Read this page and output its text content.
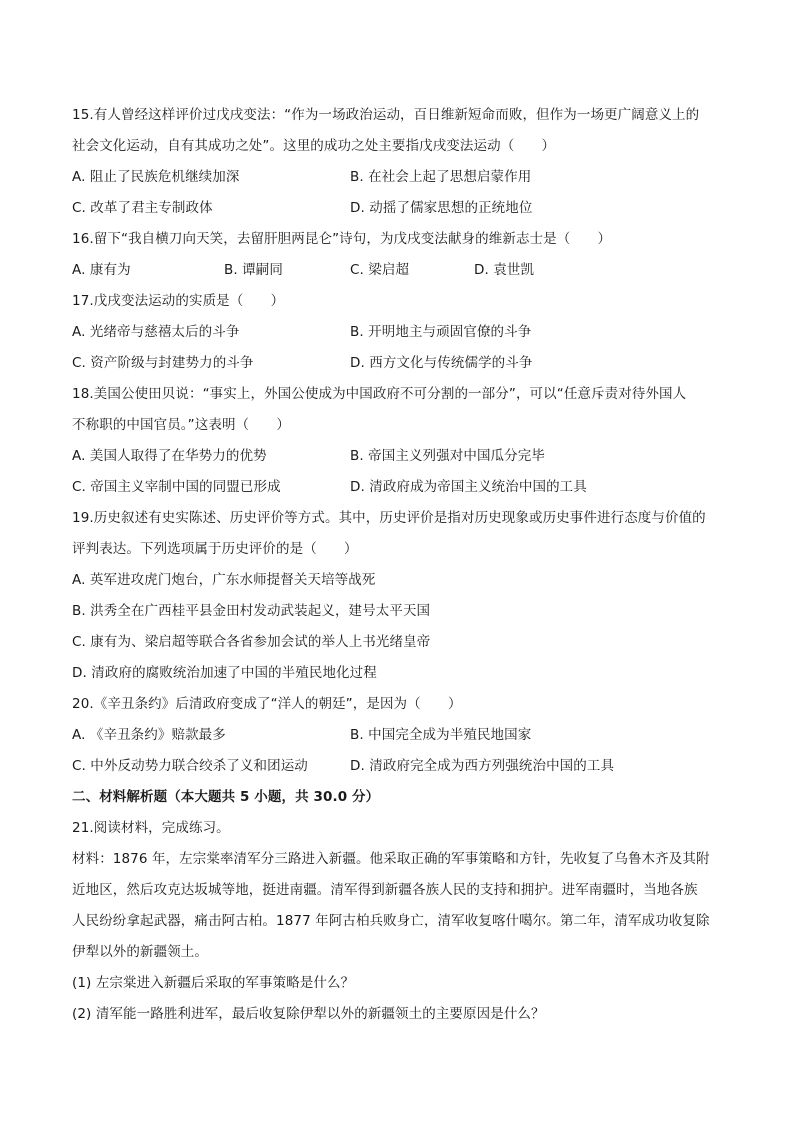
15.有人曾经这样评价过戊戌变法：“作为一场政治运动，百日维新短命而败，但作为一场更广阔意义上的
社会文化运动，自有其成功之处”。这里的成功之处主要指戊戌变法运动（　　）
A. 阻止了民族危机继续加深	B. 在社会上起了思想启蒙作用
C. 改革了君主专制政体	D. 动摇了儒家思想的正统地位
16.留下“我自横刀向天笑，去留肝胆两昆仑”诗句，为戊戌变法献身的维新志士是（　　）
A. 康有为	B. 谭嗣同	C. 梁启超	D. 袁世凯
17.戊戌变法运动的实质是（　　）
A. 光绪帝与慈禧太后的斗争	B. 开明地主与顽固官僚的斗争
C. 资产阶级与封建势力的斗争	D. 西方文化与传统儒学的斗争
18.美国公使田贝说：“事实上，外国公使成为中国政府不可分割的一部分”，可以“任意斥责对待外国人
不称职的中国官员。”这表明（　　）
A. 美国人取得了在华势力的优势	B. 帝国主义列强对中国瓜分完毕
C. 帝国主义宰制中国的同盟已形成	D. 清政府成为帝国主义统治中国的工具
19.历史叙述有史实陈述、历史评价等方式。其中，历史评价是指对历史现象或历史事件进行态度与价值的
评判表达。下列选项属于历史评价的是（　　）
A. 英军进攻虎门炮台，广东水师提督关天培等战死
B. 洪秀全在广西桂平县金田村发动武装起义，建号太平天国
C. 康有为、梁启超等联合各省参加会试的举人上书光绪皇帝
D. 清政府的腐败统治加速了中国的半殖民地化过程
20.《辛丑条约》后清政府变成了“洋人的朝廷”，是因为（　　）
A. 《辛丑条约》赔款最多	B. 中国完全成为半殖民地国家
C. 中外反动势力联合绞杀了义和团运动	D. 清政府完全成为西方列强统治中国的工具
二、材料解析题（本大题共 5 小题，共 30.0 分）
21.阅读材料，完成练习。
材料：1876 年，左宗棠率清军分三路进入新疆。他采取正确的军事策略和方针，先收复了乌鲁木齐及其附
近地区，然后攻克达坂城等地，挺进南疆。清军得到新疆各族人民的支持和拥护。进军南疆时，当地各族
人民纷纷拿起武器，痛击阿古柏。1877 年阿古柏兵败身亡，清军收复喀什噶尔。第二年，清军成功收复除
伊犁以外的新疆领土。
(1) 左宗棠进入新疆后采取的军事策略是什么？
(2) 清军能一路胜利进军，最后收复除伊犁以外的新疆领土的主要原因是什么？
